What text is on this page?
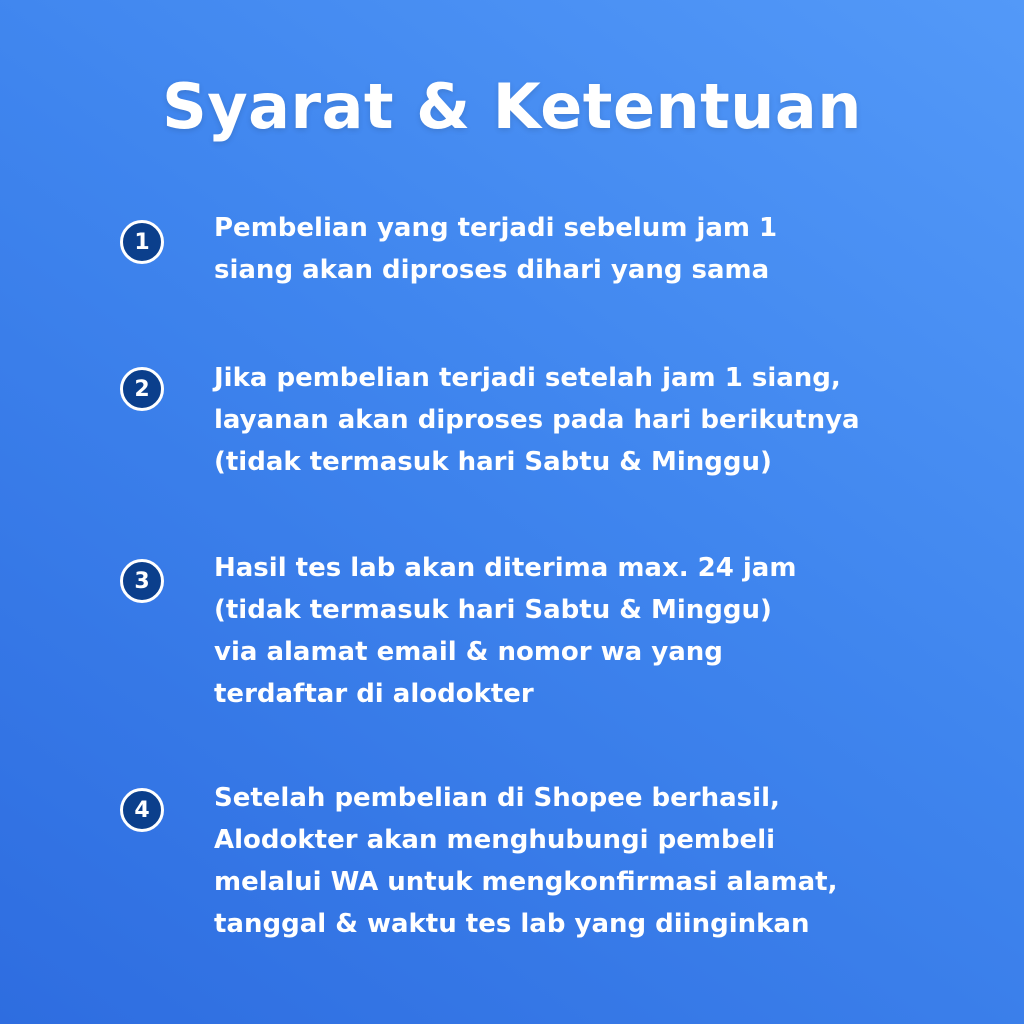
Syarat & Ketentuan
1	Pembelian yang terjadi sebelum jam 1
siang akan diproses dihari yang sama

2	Jika pembelian terjadi setelah jam 1 siang,
layanan akan diproses pada hari berikutnya
(tidak termasuk hari Sabtu & Minggu)

3	Hasil tes lab akan diterima max. 24 jam
(tidak termasuk hari Sabtu & Minggu)
via alamat email & nomor wa yang
terdaftar di alodokter

4	Setelah pembelian di Shopee berhasil,
Alodokter akan menghubungi pembeli
melalui WA untuk mengkonfirmasi alamat,
tanggal & waktu tes lab yang diinginkan
